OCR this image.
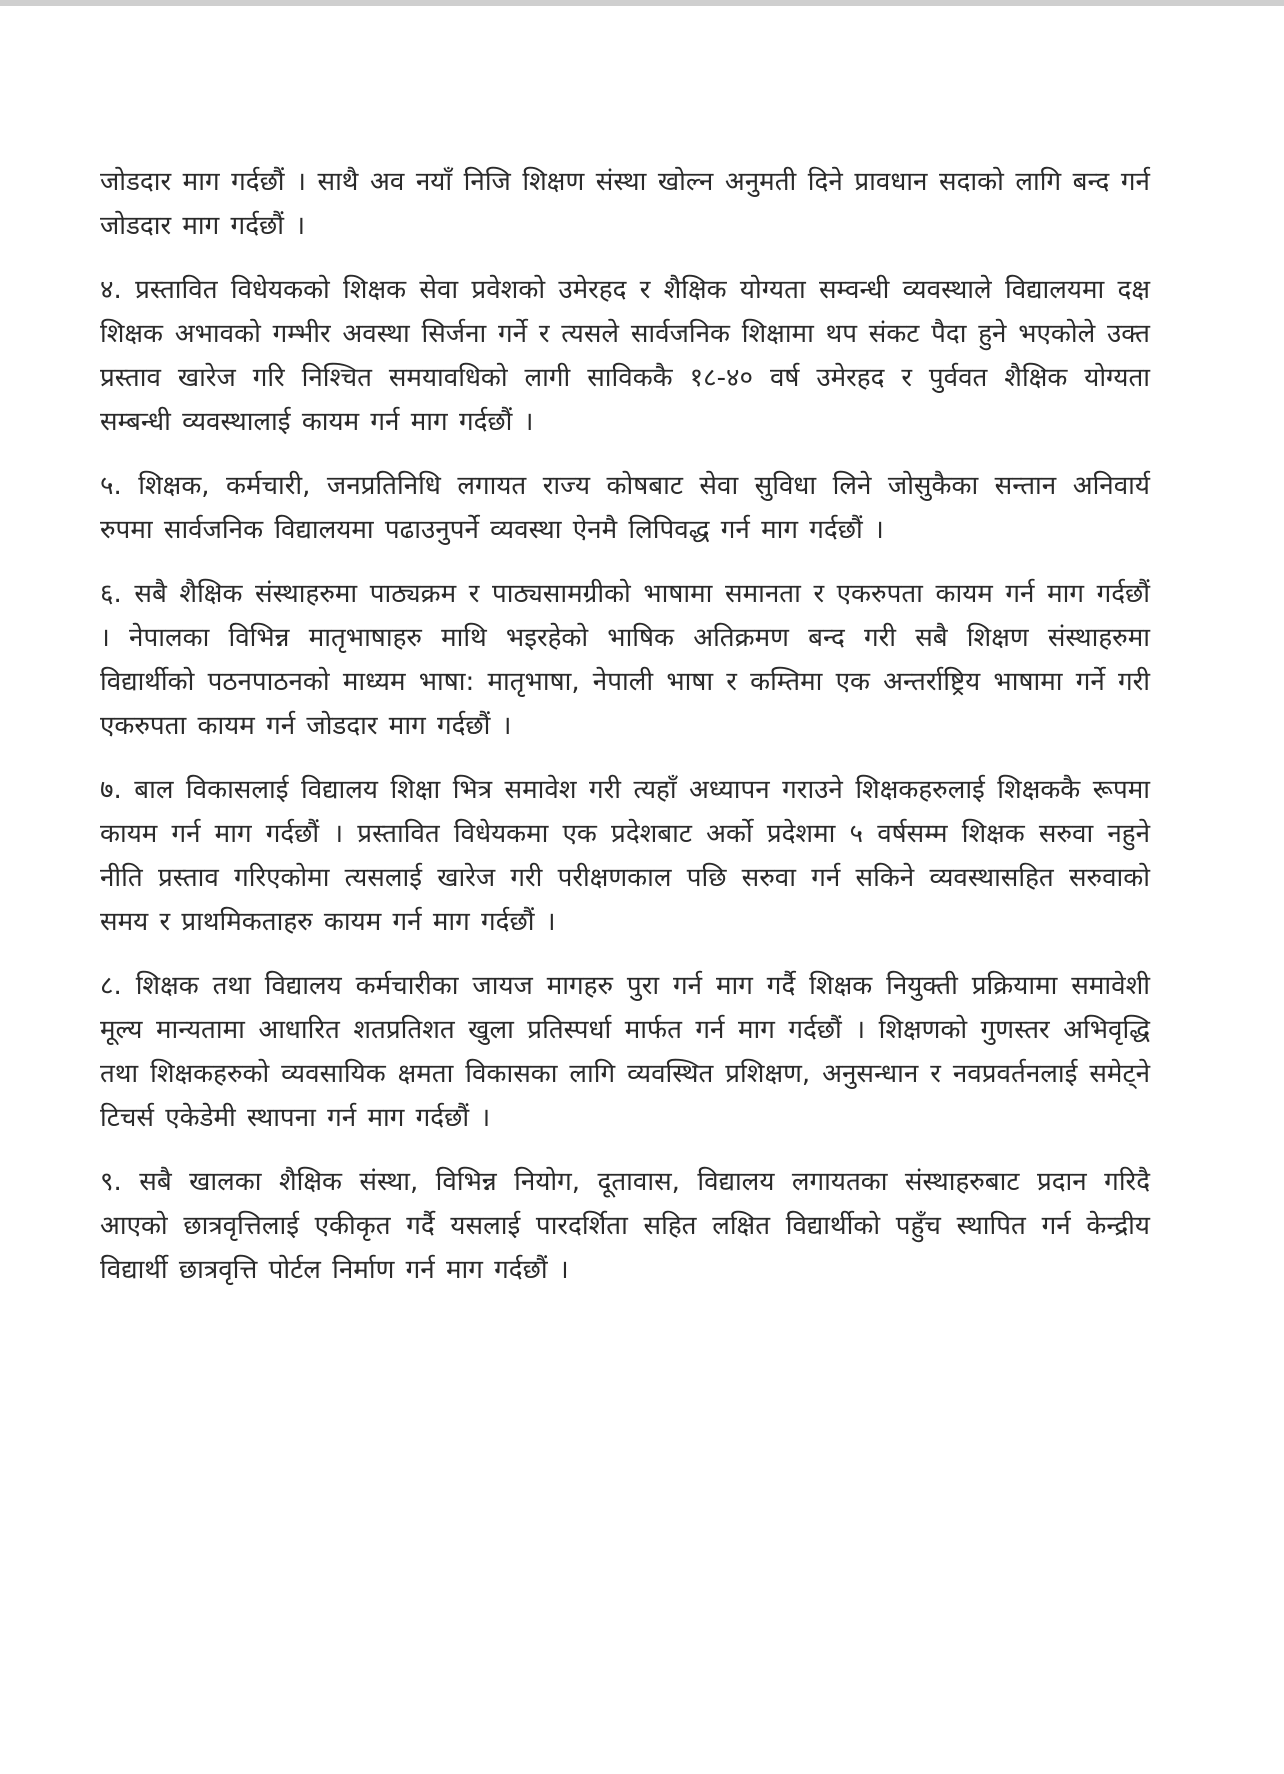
जोडदार माग गर्दछौं । साथै अव नयाँ निजि शिक्षण संस्था खोल्न अनुमती दिने प्रावधान सदाको लागि बन्द गर्न जोडदार माग गर्दछौं ।

४. प्रस्तावित विधेयकको शिक्षक सेवा प्रवेशको उमेरहद र शैक्षिक योग्यता सम्वन्धी व्यवस्थाले विद्यालयमा दक्ष शिक्षक अभावको गम्भीर अवस्था सिर्जना गर्ने र त्यसले सार्वजनिक शिक्षामा थप संकट पैदा हुने भएकोले उक्त प्रस्ताव खारेज गरि निश्चित समयावधिको लागी साविककै १८-४० वर्ष उमेरहद र पुर्ववत शैक्षिक योग्यता सम्बन्धी व्यवस्थालाई कायम गर्न माग गर्दछौं ।

५. शिक्षक, कर्मचारी, जनप्रतिनिधि लगायत राज्य कोषबाट सेवा सुविधा लिने जोसुकैका सन्तान अनिवार्य रुपमा सार्वजनिक विद्यालयमा पढाउनुपर्ने व्यवस्था ऐनमै लिपिवद्ध गर्न माग गर्दछौं ।

६. सबै शैक्षिक संस्थाहरुमा पाठ्यक्रम र पाठ्यसामग्रीको भाषामा समानता र एकरुपता कायम गर्न माग गर्दछौं । नेपालका विभिन्न मातृभाषाहरु माथि भइरहेको भाषिक अतिक्रमण बन्द गरी सबै शिक्षण संस्थाहरुमा विद्यार्थीको पठनपाठनको माध्यम भाषा: मातृभाषा, नेपाली भाषा र कम्तिमा एक अन्तर्राष्ट्रिय भाषामा गर्ने गरी एकरुपता कायम गर्न जोडदार माग गर्दछौं ।

७. बाल विकासलाई विद्यालय शिक्षा भित्र समावेश गरी त्यहाँ अध्यापन गराउने शिक्षकहरुलाई शिक्षककै रूपमा कायम गर्न माग गर्दछौं । प्रस्तावित विधेयकमा एक प्रदेशबाट अर्को प्रदेशमा ५ वर्षसम्म शिक्षक सरुवा नहुने नीति प्रस्ताव गरिएकोमा त्यसलाई खारेज गरी परीक्षणकाल पछि सरुवा गर्न सकिने व्यवस्थासहित सरुवाको समय र प्राथमिकताहरु कायम गर्न माग गर्दछौं ।

८. शिक्षक तथा विद्यालय कर्मचारीका जायज मागहरु पुरा गर्न माग गर्दै शिक्षक नियुक्ती प्रक्रियामा समावेशी मूल्य मान्यतामा आधारित शतप्रतिशत खुला प्रतिस्पर्धा मार्फत गर्न माग गर्दछौं । शिक्षणको गुणस्तर अभिवृद्धि तथा शिक्षकहरुको व्यवसायिक क्षमता विकासका लागि व्यवस्थित प्रशिक्षण, अनुसन्धान र नवप्रवर्तनलाई समेट्ने टिचर्स एकेडेमी स्थापना गर्न माग गर्दछौं ।

९. सबै खालका शैक्षिक संस्था, विभिन्न नियोग, दूतावास, विद्यालय लगायतका संस्थाहरुबाट प्रदान गरिदै आएको छात्रवृत्तिलाई एकीकृत गर्दै यसलाई पारदर्शिता सहित लक्षित विद्यार्थीको पहुँच स्थापित गर्न केन्द्रीय विद्यार्थी छात्रवृत्ति पोर्टल निर्माण गर्न माग गर्दछौं ।
